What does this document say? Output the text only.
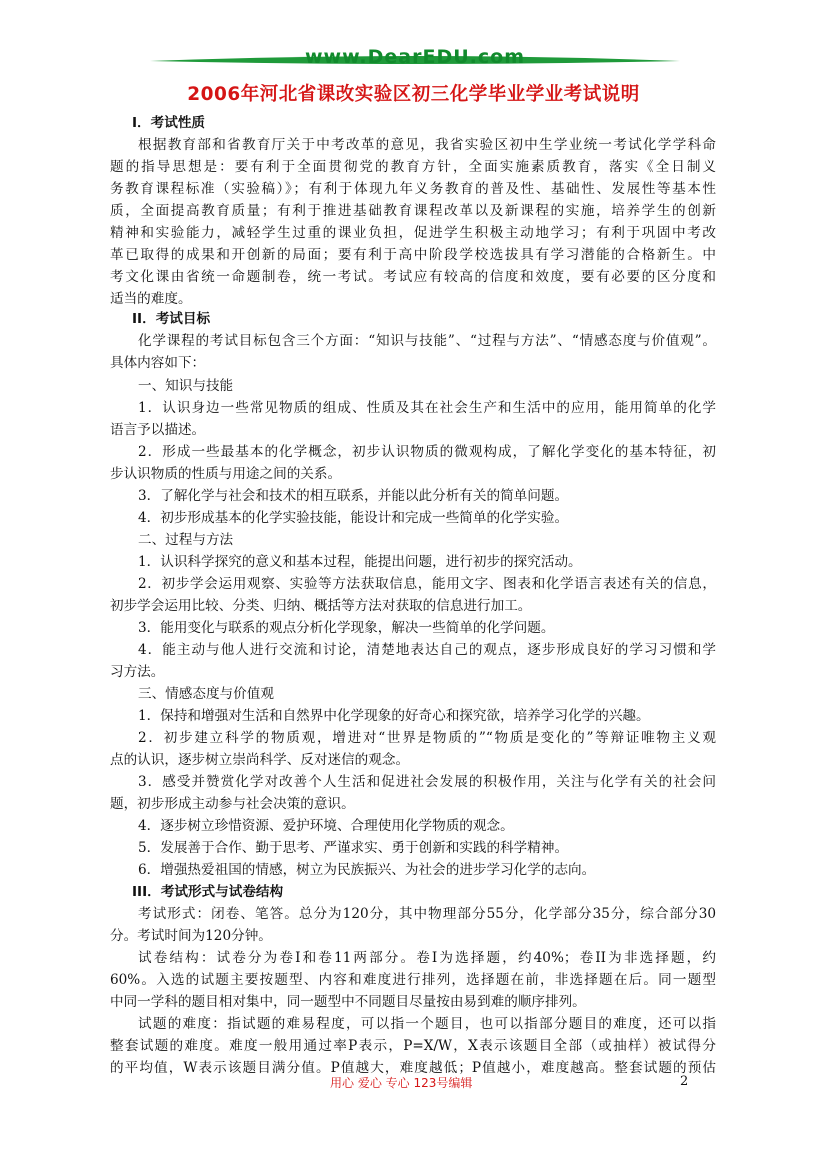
www.DearEDU.com
2006年河北省课改实验区初三化学毕业学业考试说明
I．考试性质
根据教育部和省教育厅关于中考改革的意见，我省实验区初中生学业统一考试化学学科命
题的指导思想是：要有利于全面贯彻党的教育方针，全面实施素质教育，落实《全日制义
务教育课程标准（实验稿）》；有利于体现九年义务教育的普及性、基础性、发展性等基本性
质，全面提高教育质量；有利于推进基础教育课程改革以及新课程的实施，培养学生的创新
精神和实验能力，减轻学生过重的课业负担，促进学生积极主动地学习；有利于巩固中考改
革已取得的成果和开创新的局面；要有利于高中阶段学校选拔具有学习潜能的合格新生。中
考文化课由省统一命题制卷，统一考试。考试应有较高的信度和效度，要有必要的区分度和
适当的难度。
II．考试目标
化学课程的考试目标包含三个方面：“知识与技能”、“过程与方法”、“情感态度与价值观”。
具体内容如下：
一、知识与技能
1．认识身边一些常见物质的组成、性质及其在社会生产和生活中的应用，能用简单的化学
语言予以描述。
2．形成一些最基本的化学概念，初步认识物质的微观构成，了解化学变化的基本特征，初
步认识物质的性质与用途之间的关系。
3．了解化学与社会和技术的相互联系，并能以此分析有关的简单问题。
4．初步形成基本的化学实验技能，能设计和完成一些简单的化学实验。
二、过程与方法
1．认识科学探究的意义和基本过程，能提出问题，进行初步的探究活动。
2．初步学会运用观察、实验等方法获取信息，能用文字、图表和化学语言表述有关的信息，
初步学会运用比较、分类、归纳、概括等方法对获取的信息进行加工。
3．能用变化与联系的观点分析化学现象，解决一些简单的化学问题。
4．能主动与他人进行交流和讨论，清楚地表达自己的观点，逐步形成良好的学习习惯和学
习方法。
三、情感态度与价值观
1．保持和增强对生活和自然界中化学现象的好奇心和探究欲，培养学习化学的兴趣。
2．初步建立科学的物质观，增进对“世界是物质的”“物质是变化的”等辩证唯物主义观
点的认识，逐步树立崇尚科学、反对迷信的观念。
3．感受并赞赏化学对改善个人生活和促进社会发展的积极作用，关注与化学有关的社会问
题，初步形成主动参与社会决策的意识。
4．逐步树立珍惜资源、爱护环境、合理使用化学物质的观念。
5．发展善于合作、勤于思考、严谨求实、勇于创新和实践的科学精神。
6．增强热爱祖国的情感，树立为民族振兴、为社会的进步学习化学的志向。
III．考试形式与试卷结构
考试形式：闭卷、笔答。总分为120分，其中物理部分55分，化学部分35分，综合部分30
分。考试时间为120分钟。
试卷结构：试卷分为卷I和卷11两部分。卷I为选择题，约40%；卷II为非选择题，约
60%。入选的试题主要按题型、内容和难度进行排列，选择题在前，非选择题在后。同一题型
中同一学科的题目相对集中，同一题型中不同题目尽量按由易到难的顺序排列。
试题的难度：指试题的难易程度，可以指一个题目，也可以指部分题目的难度，还可以指
整套试题的难度。难度一般用通过率P表示，P=X/W，X表示该题目全部（或抽样）被试得分
的平均值，W表示该题目满分值。P值越大，难度越低；P值越小，难度越高。整套试题的预估
用心 爱心 专心 123号编辑	2
